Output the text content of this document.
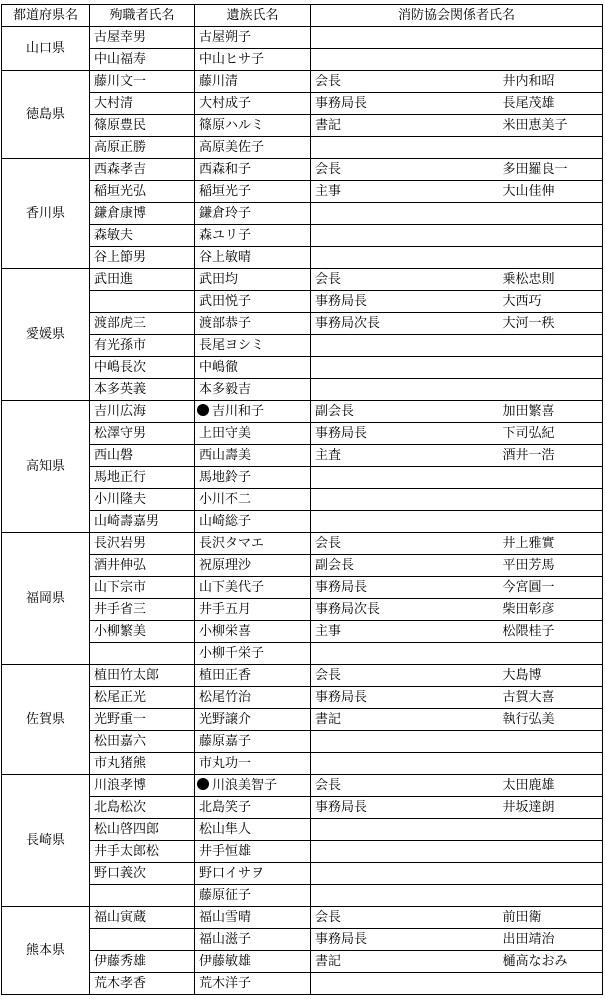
都道府県名	殉職者氏名	遺族氏名	消防協会関係者氏名	
山口県	古屋幸男	古屋朔子		
	中山福寿	中山ヒサ子		
徳島県	藤川文一	藤川清	会長	井内和昭
	大村清	大村成子	事務局長	長尾茂雄
	篠原豊民	篠原ハルミ	書記	米田恵美子
	高原正勝	高原美佐子		
香川県	西森孝吉	西森和子	会長	多田羅良一
	稲垣光弘	稲垣光子	主事	大山佳伸
	鎌倉康博	鎌倉玲子		
	森敏夫	森ユリ子		
	谷上節男	谷上敏晴		
愛媛県	武田進	武田均	会長	乗松忠則
		武田悦子	事務局長	大西巧
	渡部虎三	渡部恭子	事務局次長	大河一秩
	有光孫市	長尾ヨシミ		
	中嶋長次	中嶋徹		
	本多英義	本多毅吉		
高知県	吉川広海	吉川和子	副会長	加田繁喜
	松澤守男	上田守美	事務局長	下司弘紀
	西山磐	西山壽美	主査	酒井一浩
	馬地正行	馬地鈴子		
	小川隆夫	小川不二		
	山崎壽嘉男	山崎総子		
福岡県	長沢岩男	長沢タマエ	会長	井上雅實
	酒井伸弘	祝原理沙	副会長	平田芳馬
	山下宗市	山下美代子	事務局長	今宮圓一
	井手省三	井手五月	事務局次長	柴田彰彦
	小柳繁美	小柳栄喜	主事	松隈桂子
		小柳千栄子		
佐賀県	植田竹太郎	植田正香	会長	大島博
	松尾正光	松尾竹治	事務局長	古賀大喜
	光野重一	光野譲介	書記	執行弘美
	松田嘉六	藤原嘉子		
	市丸猪熊	市丸功一		
長崎県	川浪孝博	川浪美智子	会長	太田鹿雄
	北島松次	北島笑子	事務局長	井坂達朗
	松山啓四郎	松山隼人		
	井手太郎松	井手恒雄		
	野口義次	野口イサヲ		
		藤原征子		
熊本県	福山寅蔵	福山雪晴	会長	前田衛
		福山滋子	事務局長	出田靖治
	伊藤秀雄	伊藤敏雄	書記	樋高なおみ
	荒木孝香	荒木洋子		
